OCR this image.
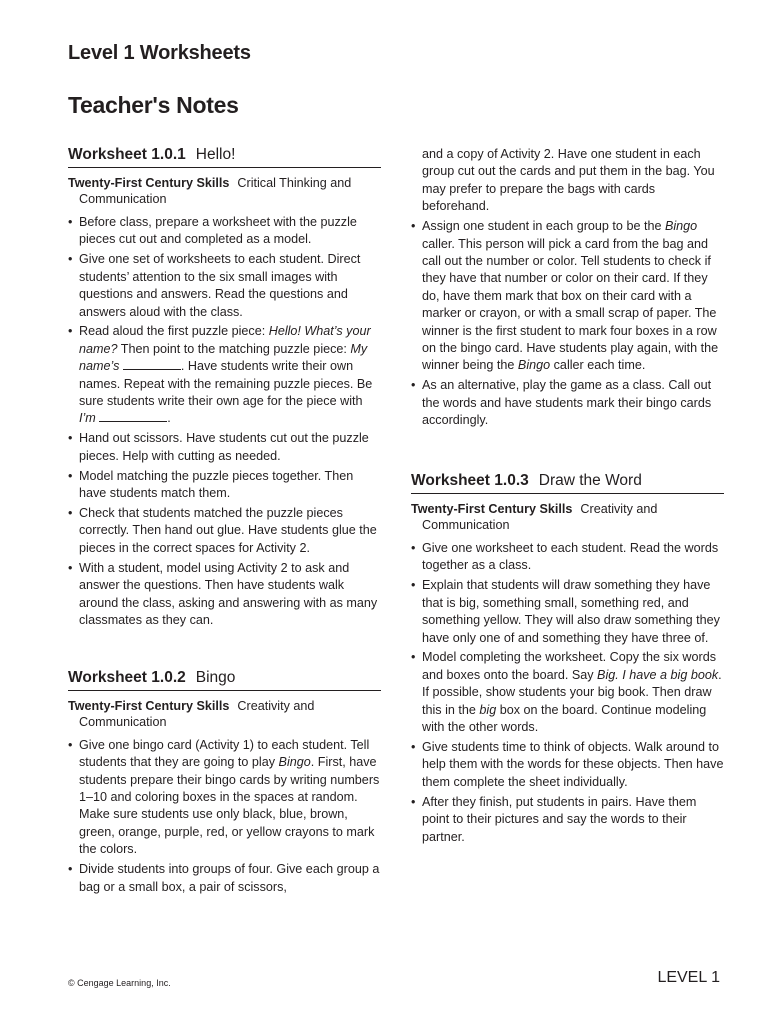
Level 1 Worksheets
Teacher's Notes
Worksheet 1.0.1 Hello!

Twenty-First Century Skills Critical Thinking and Communication

• Before class, prepare a worksheet with the puzzle pieces cut out and completed as a model.
• Give one set of worksheets to each student. Direct students’ attention to the six small images with questions and answers. Read the questions and answers aloud with the class.
• Read aloud the first puzzle piece: Hello! What’s your name? Then point to the matching puzzle piece: My name’s	. Have students write their own names. Repeat with the remaining puzzle pieces. Be sure students write their own age for the piece with I’m	.
• Hand out scissors. Have students cut out the puzzle pieces. Help with cutting as needed.
• Model matching the puzzle pieces together. Then have students match them.
• Check that students matched the puzzle pieces correctly. Then hand out glue. Have students glue the pieces in the correct spaces for Activity 2.
• With a student, model using Activity 2 to ask and answer the questions. Then have students walk around the class, asking and answering with as many classmates as they can.
Worksheet 1.0.2 Bingo

Twenty-First Century Skills Creativity and Communication

• Give one bingo card (Activity 1) to each student. Tell students that they are going to play Bingo. First, have students prepare their bingo cards by writing numbers 1–10 and coloring boxes in the spaces at random. Make sure students use only black, blue, brown, green, orange, purple, red, or yellow crayons to mark the colors.
• Divide students into groups of four. Give each group a bag or a small box, a pair of scissors,
and a copy of Activity 2. Have one student in each group cut out the cards and put them in the bag. You may prefer to prepare the bags with cards beforehand.
• Assign one student in each group to be the Bingo caller. This person will pick a card from the bag and call out the number or color. Tell students to check if they have that number or color on their card. If they do, have them mark that box on their card with a marker or crayon, or with a small scrap of paper. The winner is the first student to mark four boxes in a row on the bingo card. Have students play again, with the winner being the Bingo caller each time.
• As an alternative, play the game as a class. Call out the words and have students mark their bingo cards accordingly.
Worksheet 1.0.3 Draw the Word

Twenty-First Century Skills Creativity and Communication

• Give one worksheet to each student. Read the words together as a class.
• Explain that students will draw something they have that is big, something small, something red, and something yellow. They will also draw something they have only one of and something they have three of.
• Model completing the worksheet. Copy the six words and boxes onto the board. Say Big. I have a big book. If possible, show students your big book. Then draw this in the big box on the board. Continue modeling with the other words.
• Give students time to think of objects. Walk around to help them with the words for these objects. Then have them complete the sheet individually.
• After they finish, put students in pairs. Have them point to their pictures and say the words to their partner.
© Cengage Learning, Inc.	LEVEL 1
